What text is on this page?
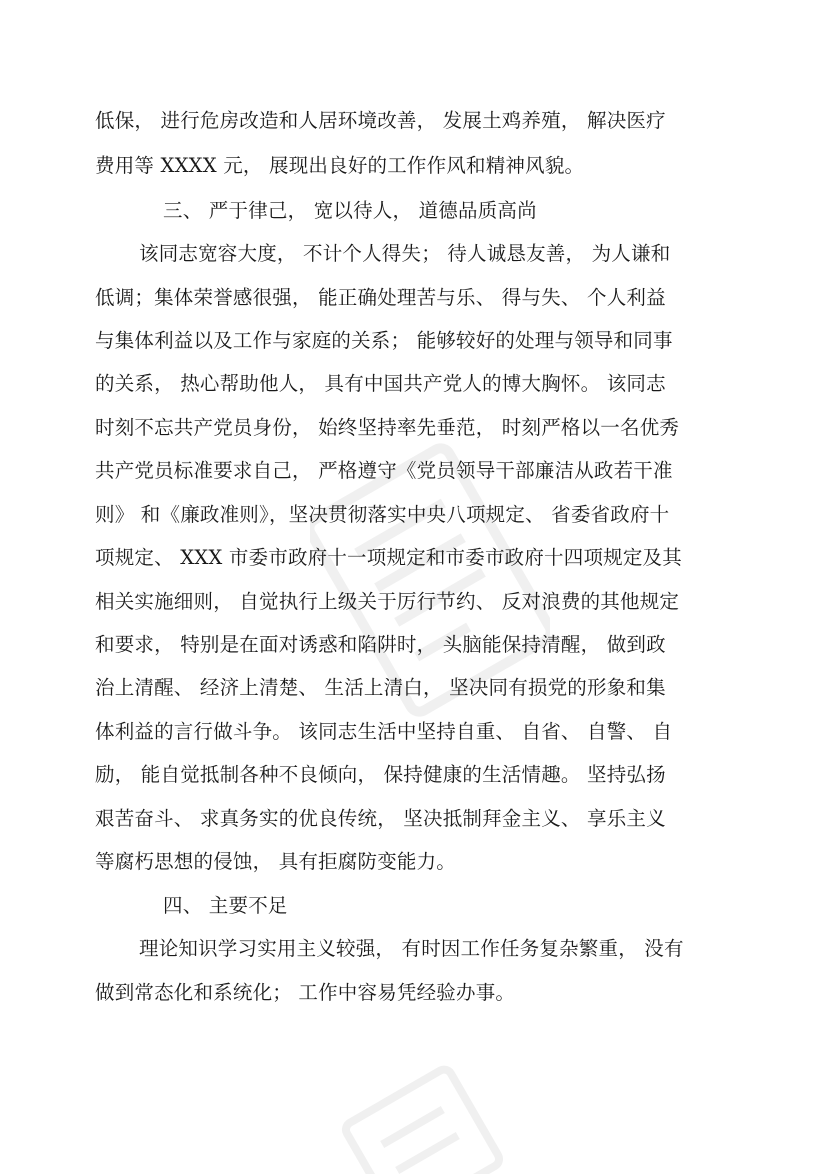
低保， 进行危房改造和人居环境改善， 发展土鸡养殖， 解决医疗
费用等 XXXX 元， 展现出良好的工作作风和精神风貌。
三、 严于律己， 宽以待人， 道德品质高尚
该同志宽容大度， 不计个人得失； 待人诚恳友善， 为人谦和
低调；集体荣誉感很强， 能正确处理苦与乐、 得与失、 个人利益
与集体利益以及工作与家庭的关系； 能够较好的处理与领导和同事
的关系， 热心帮助他人， 具有中国共产党人的博大胸怀。 该同志
时刻不忘共产党员身份， 始终坚持率先垂范， 时刻严格以一名优秀
共产党员标准要求自己， 严格遵守《党员领导干部廉洁从政若干准
则》 和《廉政准则》，坚决贯彻落实中央八项规定、 省委省政府十
项规定、 XXX 市委市政府十一项规定和市委市政府十四项规定及其
相关实施细则， 自觉执行上级关于厉行节约、 反对浪费的其他规定
和要求， 特别是在面对诱惑和陷阱时， 头脑能保持清醒， 做到政
治上清醒、 经济上清楚、 生活上清白， 坚决同有损党的形象和集
体利益的言行做斗争。 该同志生活中坚持自重、 自省、 自警、 自
励， 能自觉抵制各种不良倾向， 保持健康的生活情趣。 坚持弘扬
艰苦奋斗、 求真务实的优良传统， 坚决抵制拜金主义、 享乐主义
等腐朽思想的侵蚀， 具有拒腐防变能力。
四、 主要不足
理论知识学习实用主义较强， 有时因工作任务复杂繁重， 没有
做到常态化和系统化； 工作中容易凭经验办事。
